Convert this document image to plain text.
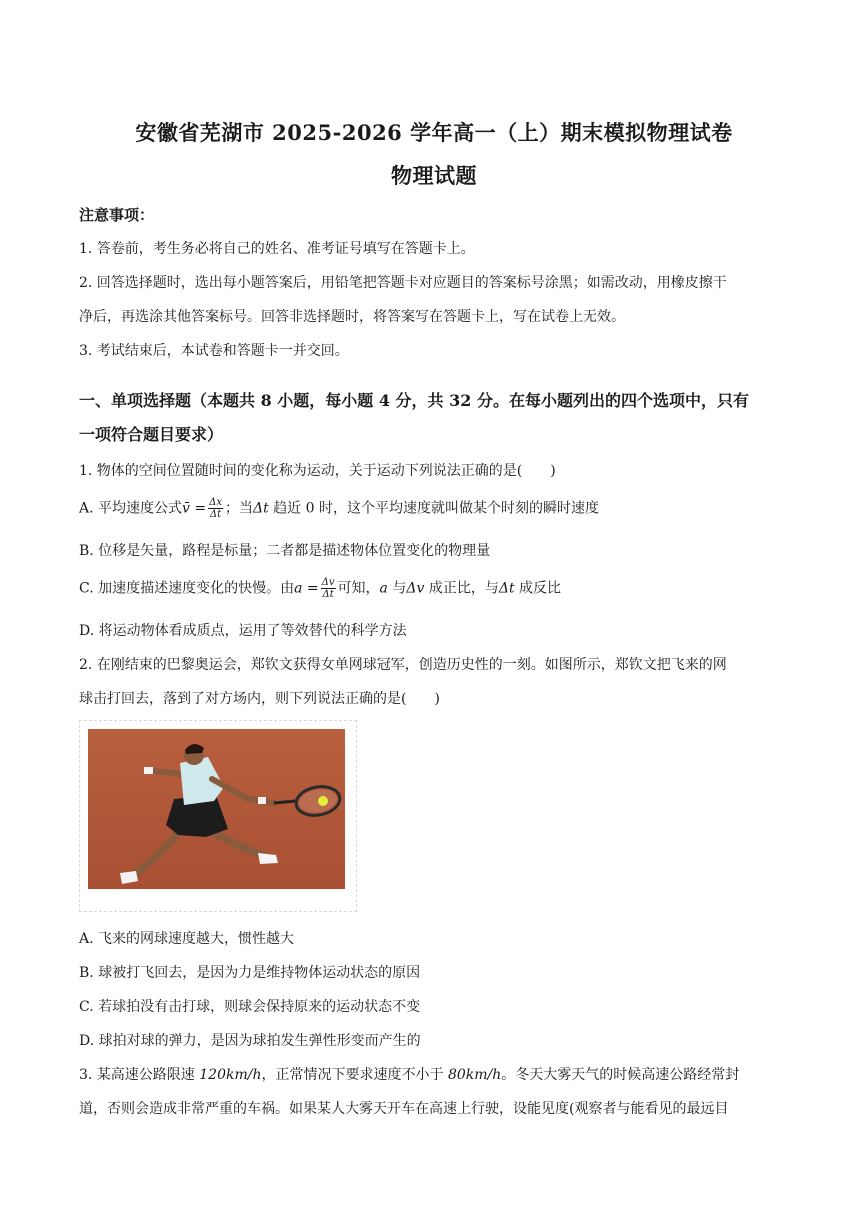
安徽省芜湖市 2025-2026 学年高一（上）期末模拟物理试卷
物理试题
注意事项：
1. 答卷前，考生务必将自己的姓名、准考证号填写在答题卡上。
2. 回答选择题时，选出每小题答案后，用铅笔把答题卡对应题目的答案标号涂黑；如需改动，用橡皮擦干
净后，再选涂其他答案标号。回答非选择题时，将答案写在答题卡上，写在试卷上无效。
3. 考试结束后，本试卷和答题卡一并交回。
一、单项选择题（本题共 8 小题，每小题 4 分，共 32 分。在每小题列出的四个选项中，只有
一项符合题目要求）
1. 物体的空间位置随时间的变化称为运动，关于运动下列说法正确的是(　　)
A. 平均速度公式v̄ = $\frac{\Delta x}{\Delta t}$ ；当Δt 趋近 0 时，这个平均速度就叫做某个时刻的瞬时速度
B. 位移是矢量，路程是标量；二者都是描述物体位置变化的物理量
C. 加速度描述速度变化的快慢。由$a = \frac{\Delta v}{\Delta t}$ 可知，a 与Δv 成正比，与Δt 成反比
D. 将运动物体看成质点，运用了等效替代的科学方法
2. 在刚结束的巴黎奥运会，郑钦文获得女单网球冠军，创造历史性的一刻。如图所示，郑钦文把飞来的网
球击打回去，落到了对方场内，则下列说法正确的是(　　)
A. 飞来的网球速度越大，惯性越大
B. 球被打飞回去，是因为力是维持物体运动状态的原因
C. 若球拍没有击打球，则球会保持原来的运动状态不变
D. 球拍对球的弹力，是因为球拍发生弹性形变而产生的
3. 某高速公路限速 120km/h，正常情况下要求速度不小于 80km/h。冬天大雾天气的时候高速公路经常封
道，否则会造成非常严重的车祸。如果某人大雾天开车在高速上行驶，设能见度(观察者与能看见的最远目
